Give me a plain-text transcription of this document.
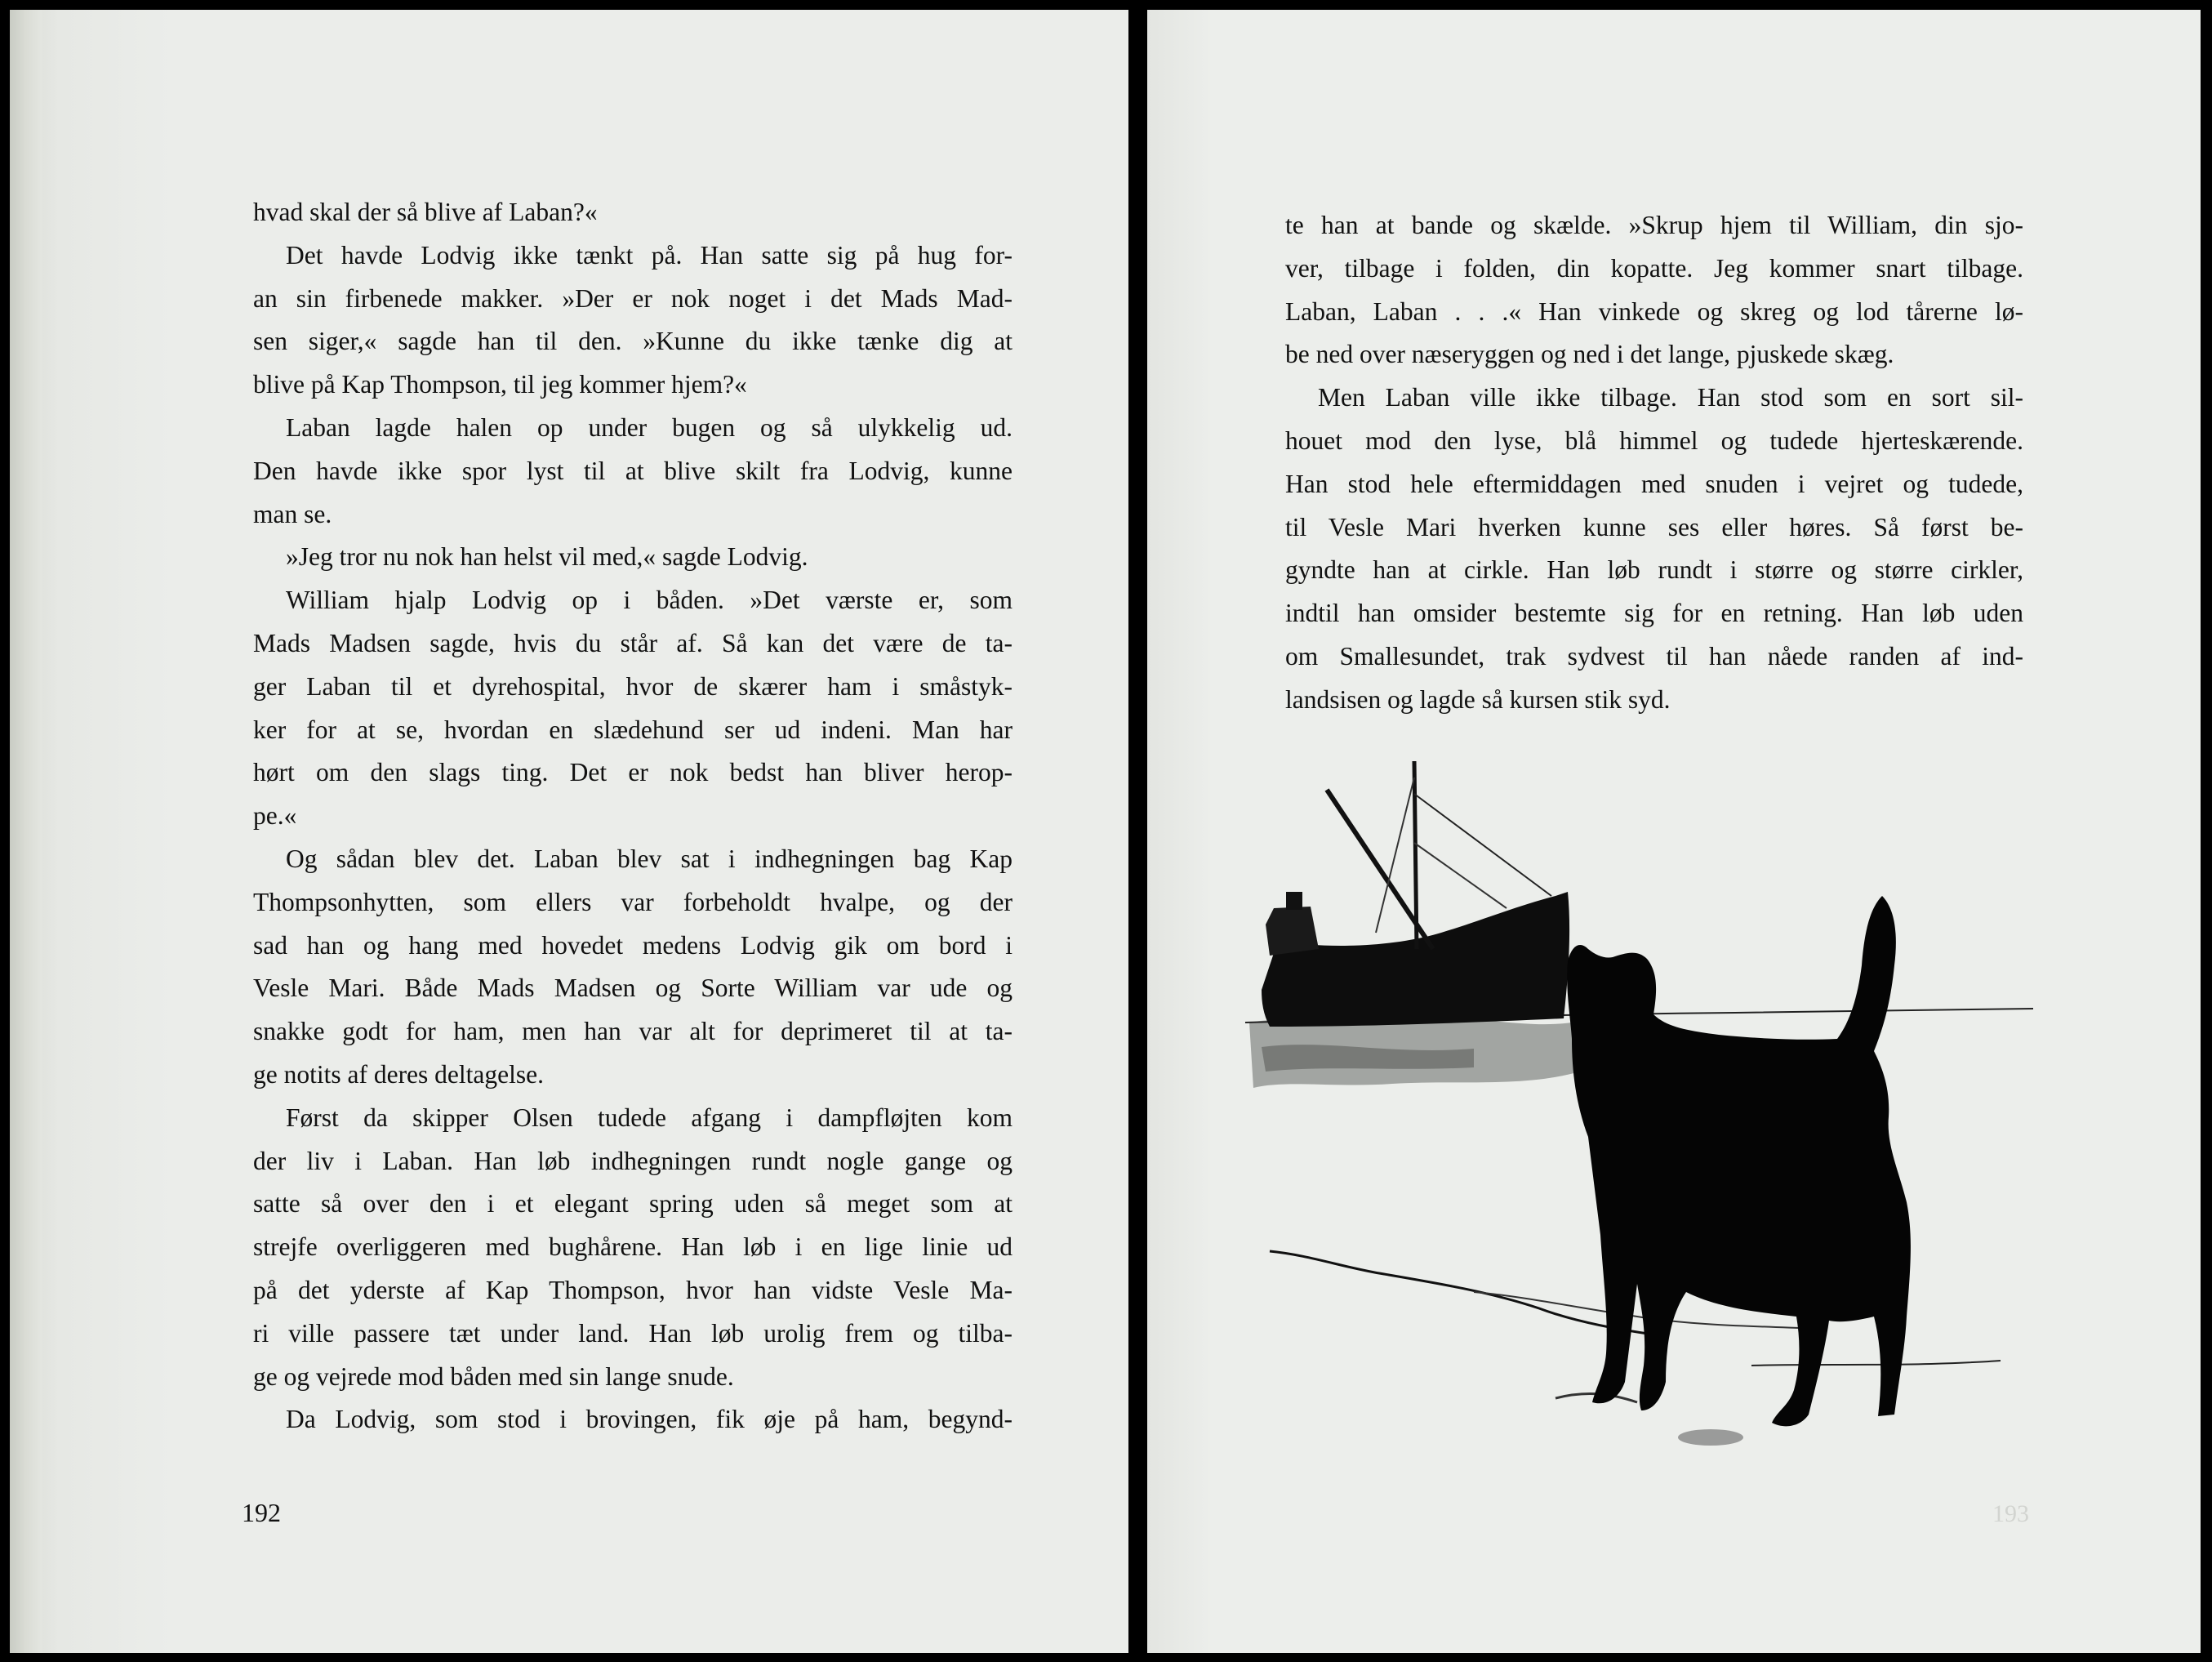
hvad skal der så blive af Laban?«
Det havde Lodvig ikke tænkt på. Han satte sig på hug for-
an sin firbenede makker. »Der er nok noget i det Mads Mad-
sen siger,« sagde han til den. »Kunne du ikke tænke dig at
blive på Kap Thompson, til jeg kommer hjem?«
Laban lagde halen op under bugen og så ulykkelig ud.
Den havde ikke spor lyst til at blive skilt fra Lodvig, kunne
man se.
»Jeg tror nu nok han helst vil med,« sagde Lodvig.
William hjalp Lodvig op i båden. »Det værste er, som
Mads Madsen sagde, hvis du står af. Så kan det være de ta-
ger Laban til et dyrehospital, hvor de skærer ham i småstyk-
ker for at se, hvordan en slædehund ser ud indeni. Man har
hørt om den slags ting. Det er nok bedst han bliver herop-
pe.«
Og sådan blev det. Laban blev sat i indhegningen bag Kap
Thompsonhytten, som ellers var forbeholdt hvalpe, og der
sad han og hang med hovedet medens Lodvig gik om bord i
Vesle Mari. Både Mads Madsen og Sorte William var ude og
snakke godt for ham, men han var alt for deprimeret til at ta-
ge notits af deres deltagelse.
Først da skipper Olsen tudede afgang i dampfløjten kom
der liv i Laban. Han løb indhegningen rundt nogle gange og
satte så over den i et elegant spring uden så meget som at
strejfe overliggeren med bughårene. Han løb i en lige linie ud
på det yderste af Kap Thompson, hvor han vidste Vesle Ma-
ri ville passere tæt under land. Han løb urolig frem og tilba-
ge og vejrede mod båden med sin lange snude.
Da Lodvig, som stod i brovingen, fik øje på ham, begynd-
192
te han at bande og skælde. »Skrup hjem til William, din sjo-
ver, tilbage i folden, din kopatte. Jeg kommer snart tilbage.
Laban, Laban . . .« Han vinkede og skreg og lod tårerne lø-
be ned over næseryggen og ned i det lange, pjuskede skæg.
Men Laban ville ikke tilbage. Han stod som en sort sil-
houet mod den lyse, blå himmel og tudede hjerteskærende.
Han stod hele eftermiddagen med snuden i vejret og tudede,
til Vesle Mari hverken kunne ses eller høres. Så først be-
gyndte han at cirkle. Han løb rundt i større og større cirkler,
indtil han omsider bestemte sig for en retning. Han løb uden
om Smallesundet, trak sydvest til han nåede randen af ind-
landsisen og lagde så kursen stik syd.
193
